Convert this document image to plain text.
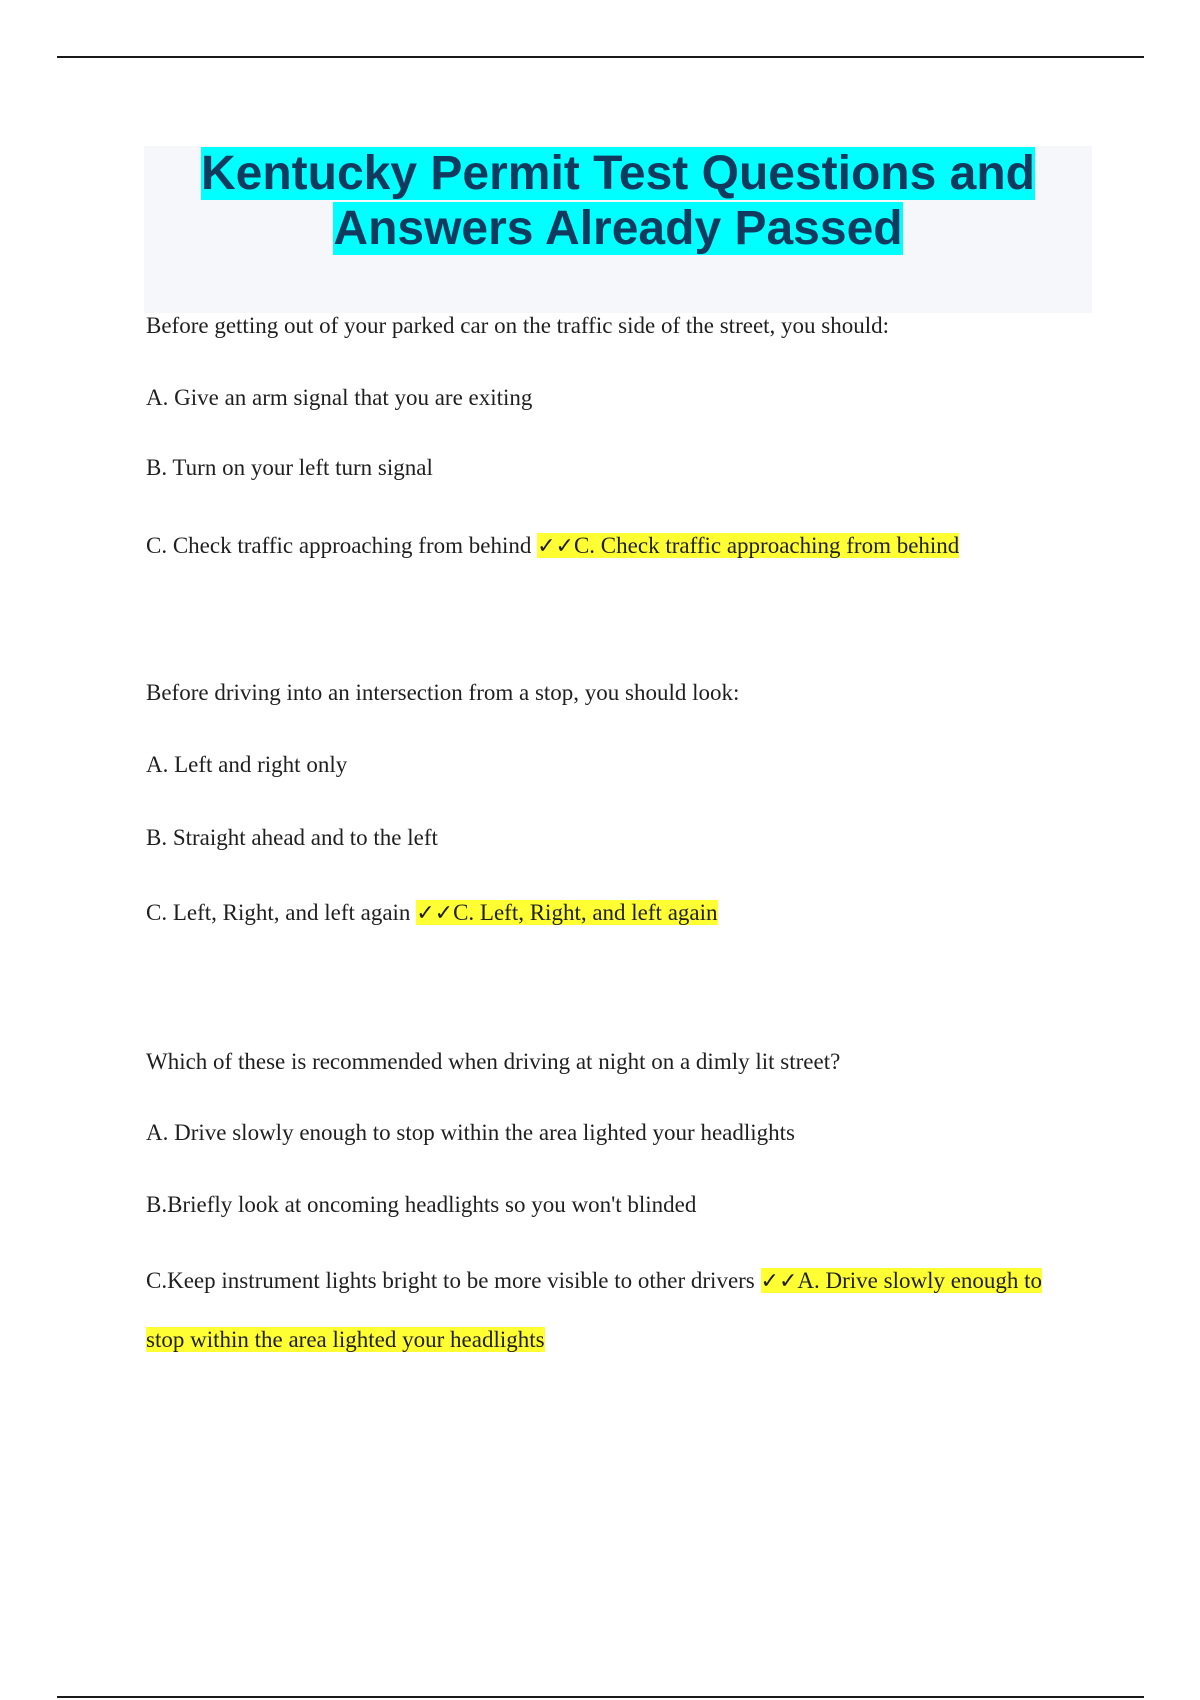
Kentucky Permit Test Questions and
Answers Already Passed
Before getting out of your parked car on the traffic side of the street, you should:
A. Give an arm signal that you are exiting
B. Turn on your left turn signal
C. Check traffic approaching from behind ✓✓C. Check traffic approaching from behind
Before driving into an intersection from a stop, you should look:
A. Left and right only
B. Straight ahead and to the left
C. Left, Right, and left again ✓✓C. Left, Right, and left again
Which of these is recommended when driving at night on a dimly lit street?
A. Drive slowly enough to stop within the area lighted your headlights
B.Briefly look at oncoming headlights so you won't blinded
C.Keep instrument lights bright to be more visible to other drivers ✓✓A. Drive slowly enough to
stop within the area lighted your headlights
